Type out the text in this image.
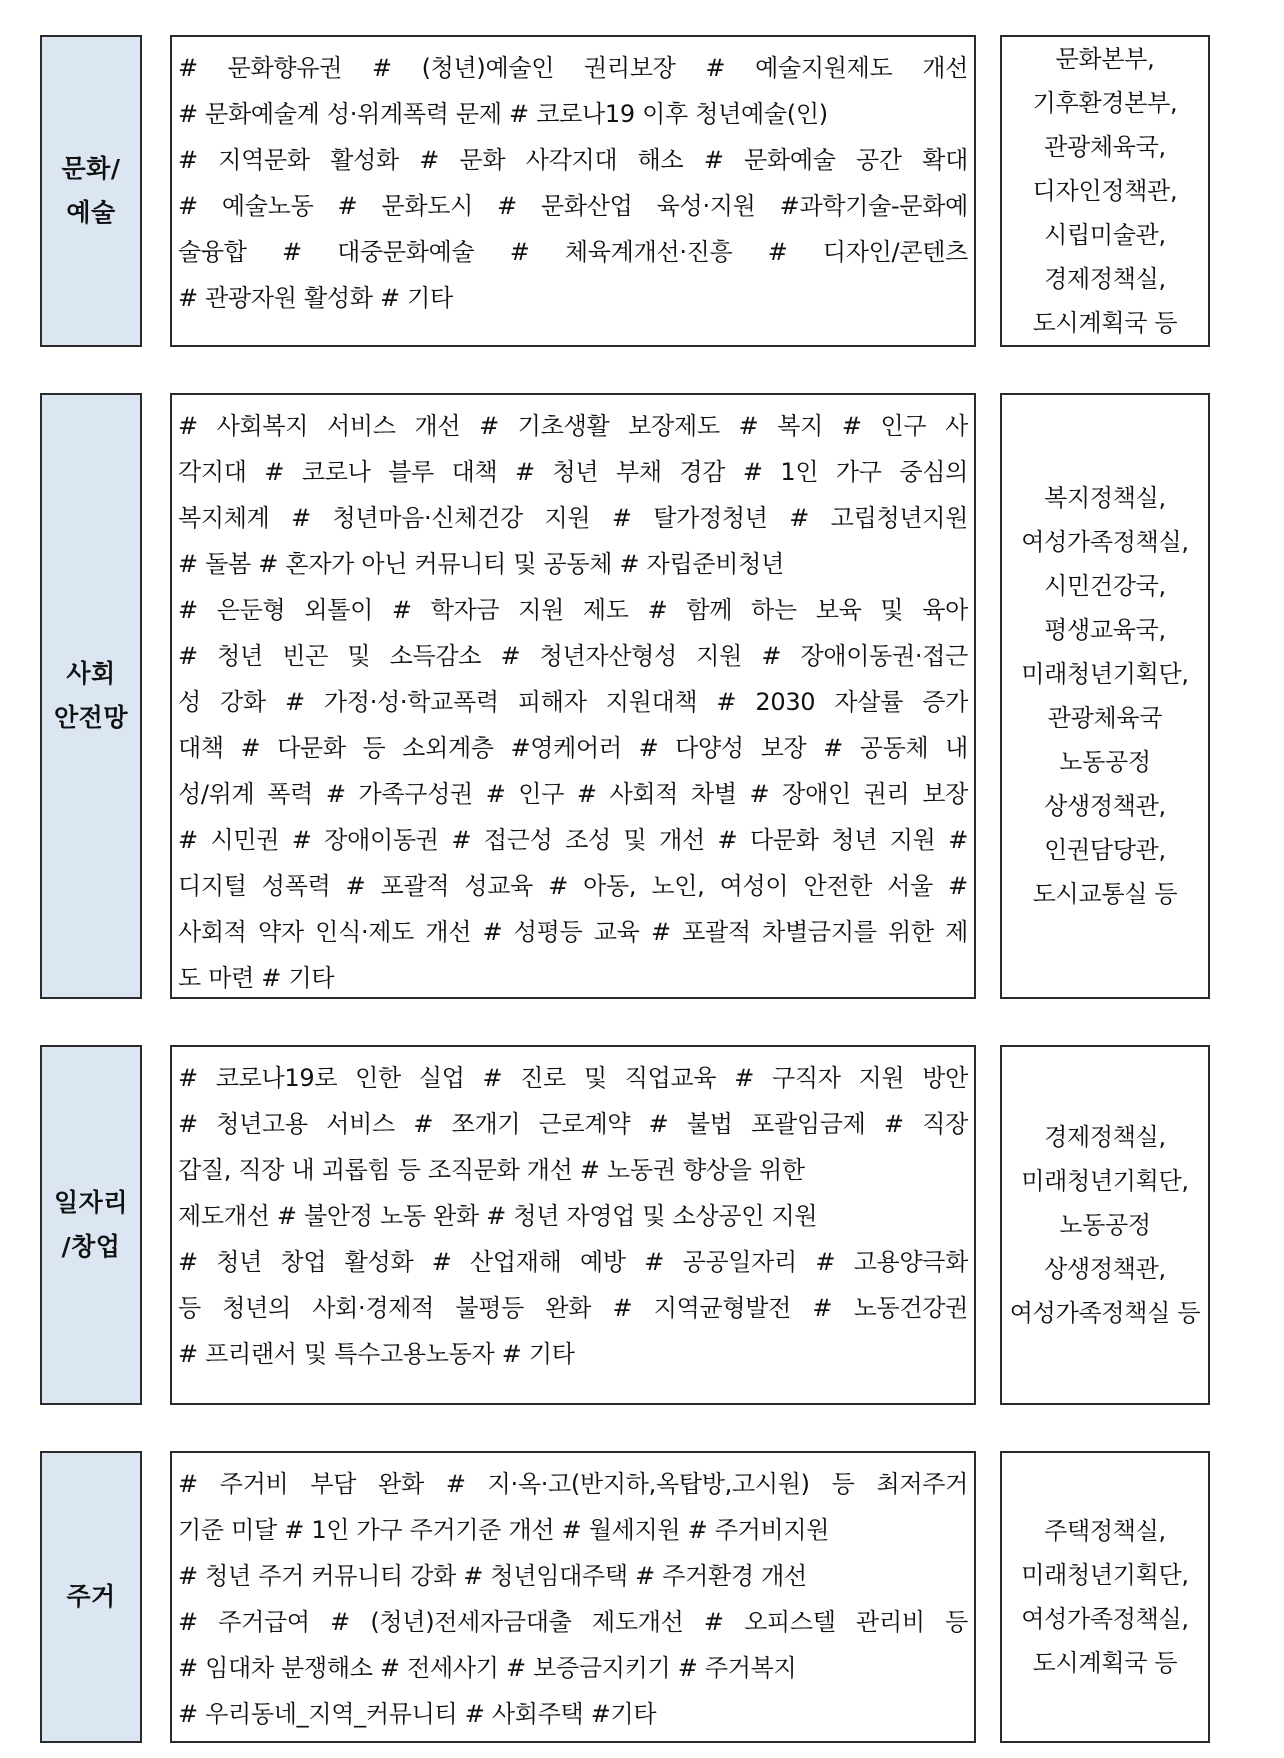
문화/
예술
# 문화향유권 # (청년)예술인 권리보장 # 예술지원제도 개선
# 문화예술계 성·위계폭력 문제 # 코로나19 이후 청년예술(인)
# 지역문화 활성화 # 문화 사각지대 해소 # 문화예술 공간 확대
# 예술노동 # 문화도시 # 문화산업 육성·지원 #과학기술-문화예
술융합 # 대중문화예술 # 체육계개선·진흥 # 디자인/콘텐츠
# 관광자원 활성화 # 기타
문화본부,
기후환경본부,
관광체육국,
디자인정책관,
시립미술관,
경제정책실,
도시계획국 등
사회
안전망
# 사회복지 서비스 개선 # 기초생활 보장제도 # 복지 # 인구 사
각지대 # 코로나 블루 대책 # 청년 부채 경감 # 1인 가구 중심의
복지체계 # 청년마음·신체건강 지원 # 탈가정청년 # 고립청년지원
# 돌봄 # 혼자가 아닌 커뮤니티 및 공동체 # 자립준비청년
# 은둔형 외톨이 # 학자금 지원 제도 # 함께 하는 보육 및 육아
# 청년 빈곤 및 소득감소 # 청년자산형성 지원 # 장애이동권·접근
성 강화 # 가정·성·학교폭력 피해자 지원대책 # 2030 자살률 증가
대책 # 다문화 등 소외계층 #영케어러 # 다양성 보장 # 공동체 내
성/위계 폭력 # 가족구성권 # 인구 # 사회적 차별 # 장애인 권리 보장
# 시민권 # 장애이동권 # 접근성 조성 및 개선 # 다문화 청년 지원 #
디지털 성폭력 # 포괄적 성교육 # 아동, 노인, 여성이 안전한 서울 #
사회적 약자 인식·제도 개선 # 성평등 교육 # 포괄적 차별금지를 위한 제
도 마련 # 기타
복지정책실,
여성가족정책실,
시민건강국,
평생교육국,
미래청년기획단,
관광체육국
노동공정
상생정책관,
인권담당관,
도시교통실 등
일자리
/창업
# 코로나19로 인한 실업 # 진로 및 직업교육 # 구직자 지원 방안
# 청년고용 서비스 # 쪼개기 근로계약 # 불법 포괄임금제 # 직장
갑질, 직장 내 괴롭힘 등 조직문화 개선 # 노동권 향상을 위한
제도개선 # 불안정 노동 완화 # 청년 자영업 및 소상공인 지원
# 청년 창업 활성화 # 산업재해 예방 # 공공일자리 # 고용양극화
등 청년의 사회·경제적 불평등 완화 # 지역균형발전 # 노동건강권
# 프리랜서 및 특수고용노동자 # 기타
경제정책실,
미래청년기획단,
노동공정
상생정책관,
여성가족정책실 등
주거
# 주거비 부담 완화 # 지·옥·고(반지하,옥탑방,고시원) 등 최저주거
기준 미달 # 1인 가구 주거기준 개선 # 월세지원 # 주거비지원
# 청년 주거 커뮤니티 강화 # 청년임대주택 # 주거환경 개선
# 주거급여 # (청년)전세자금대출 제도개선 # 오피스텔 관리비 등
# 임대차 분쟁해소 # 전세사기 # 보증금지키기 # 주거복지
# 우리동네_지역_커뮤니티 # 사회주택 #기타
주택정책실,
미래청년기획단,
여성가족정책실,
도시계획국 등
